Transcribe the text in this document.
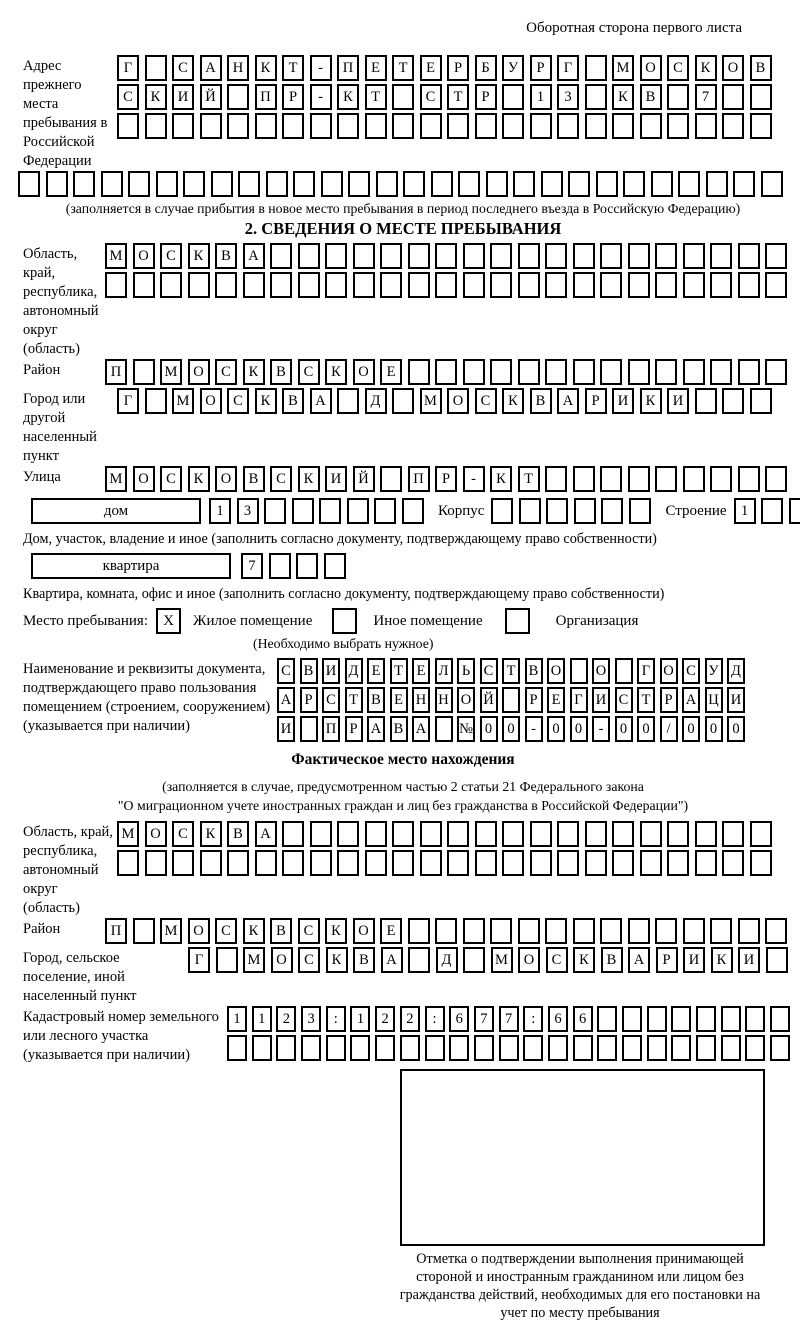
Оборотная сторона первого листа
Адрес прежнего места пребывания в Российской Федерации
Г	С А Н К Т - П Е Т Е Р Б У Р Г	М О С К О В
С К И Й	П Р - К Т	С Т Р	1 3	К В	7
(заполняется в случае прибытия в новое место пребывания в период последнего въезда в Российскую Федерацию)
2. СВЕДЕНИЯ О МЕСТЕ ПРЕБЫВАНИЯ
Область, край, республика, автономный округ (область)
М О С К В А
Район	П	М О С К В С К О Е
Город или другой населенный пункт
Г	М О С К В А	Д	М О С К В А Р И К И
Улица	М О С К О В С К И Й	П Р - К Т
дом	1 3	Корпус	Строение 1
Дом, участок, владение и иное (заполнить согласно документу, подтверждающему право собственности)
квартира	7
Квартира, комната, офис и иное (заполнить согласно документу, подтверждающему право собственности)
Место пребывания:	X	Жилое помещение	Иное помещение	Организация
(Необходимо выбрать нужное)
Наименование и реквизиты документа, подтверждающего право пользования помещением (строением, сооружением) (указывается при наличии)
С В И Д Е Т Е Л Ь С Т В О О Г О С У Д
А Р С Т В Е Н Н О Й Р Е Г И С Т Р А Ц И
И П Р А В А № 0 0 - 0 0 - 0 0 / 0 0 0
Фактическое место нахождения
(заполняется в случае, предусмотренном частью 2 статьи 21 Федерального закона
"О миграционном учете иностранных граждан и лиц без гражданства в Российской Федерации")
Область, край, республика, автономный округ (область)
М О С К В А
Район	П	М О С К В С К О Е
Город, сельское поселение, иной населенный пункт
Г	М О С К В А	Д	М О С К В А Р И К И
Кадастровый номер земельного или лесного участка (указывается при наличии)
1 1 2 3 : 1 2 2 : 6 7 7 : 6 6
Отметка о подтверждении выполнения принимающей стороной и иностранным гражданином или лицом без гражданства действий, необходимых для его постановки на учет по месту пребывания
